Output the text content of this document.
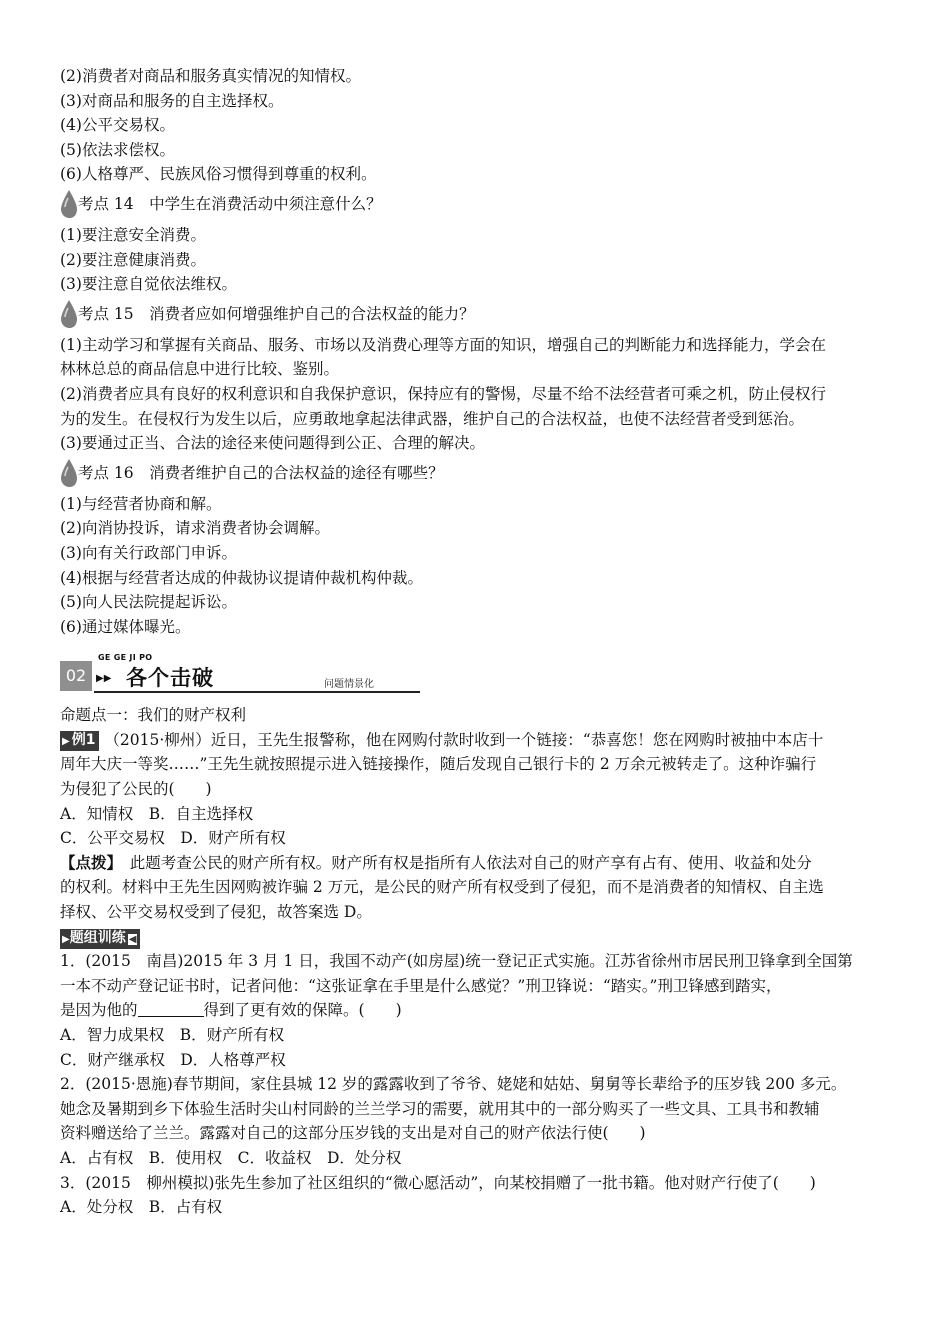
(2)消费者对商品和服务真实情况的知情权。
(3)对商品和服务的自主选择权。
(4)公平交易权。
(5)依法求偿权。
(6)人格尊严、民族风俗习惯得到尊重的权利。
考点 14　中学生在消费活动中须注意什么？
(1)要注意安全消费。
(2)要注意健康消费。
(3)要注意自觉依法维权。
考点 15　消费者应如何增强维护自己的合法权益的能力？
(1)主动学习和掌握有关商品、服务、市场以及消费心理等方面的知识，增强自己的判断能力和选择能力，学会在
林林总总的商品信息中进行比较、鉴别。
(2)消费者应具有良好的权利意识和自我保护意识，保持应有的警惕，尽量不给不法经营者可乘之机，防止侵权行
为的发生。在侵权行为发生以后，应勇敢地拿起法律武器，维护自己的合法权益，也使不法经营者受到惩治。
(3)要通过正当、合法的途径来使问题得到公正、合理的解决。
考点 16　消费者维护自己的合法权益的途径有哪些？
(1)与经营者协商和解。
(2)向消协投诉，请求消费者协会调解。
(3)向有关行政部门申诉。
(4)根据与经营者达成的仲裁协议提请仲裁机构仲裁。
(5)向人民法院提起诉讼。
(6)通过媒体曝光。
02
GE GE JI PO
▶▶ 各个击破	问题情景化
命题点一：我们的财产权利
▶ 例1 （2015·柳州）近日，王先生报警称，他在网购付款时收到一个链接：“恭喜您！您在网购时被抽中本店十
周年大庆一等奖……”王先生就按照提示进入链接操作，随后发现自己银行卡的 2 万余元被转走了。这种诈骗行
为侵犯了公民的(　　)
A．知情权　B．自主选择权
C．公平交易权　D．财产所有权
【点拨】　此题考查公民的财产所有权。财产所有权是指所有人依法对自己的财产享有占有、使用、收益和处分
的权利。材料中王先生因网购被诈骗 2 万元，是公民的财产所有权受到了侵犯，而不是消费者的知情权、自主选
择权、公平交易权受到了侵犯，故答案选 D。
▶题组训练 ◀
1．(2015　南昌)2015 年 3 月 1 日，我国不动产(如房屋)统一登记正式实施。江苏省徐州市居民刑卫锋拿到全国第
一本不动产登记证书时，记者问他：“这张证拿在手里是什么感觉？”刑卫锋说：“踏实。”刑卫锋感到踏实，
是因为他的	得到了更有效的保障。(　　)
A．智力成果权　B．财产所有权
C．财产继承权　D．人格尊严权
2．(2015·恩施)春节期间，家住县城 12 岁的露露收到了爷爷、姥姥和姑姑、舅舅等长辈给予的压岁钱 200 多元。
她念及暑期到乡下体验生活时尖山村同龄的兰兰学习的需要，就用其中的一部分购买了一些文具、工具书和教辅
资料赠送给了兰兰。露露对自己的这部分压岁钱的支出是对自己的财产依法行使(　　)
A．占有权　B．使用权　C．收益权　D．处分权
3．(2015　柳州模拟)张先生参加了社区组织的“微心愿活动”，向某校捐赠了一批书籍。他对财产行使了(　　)
A．处分权　B．占有权
